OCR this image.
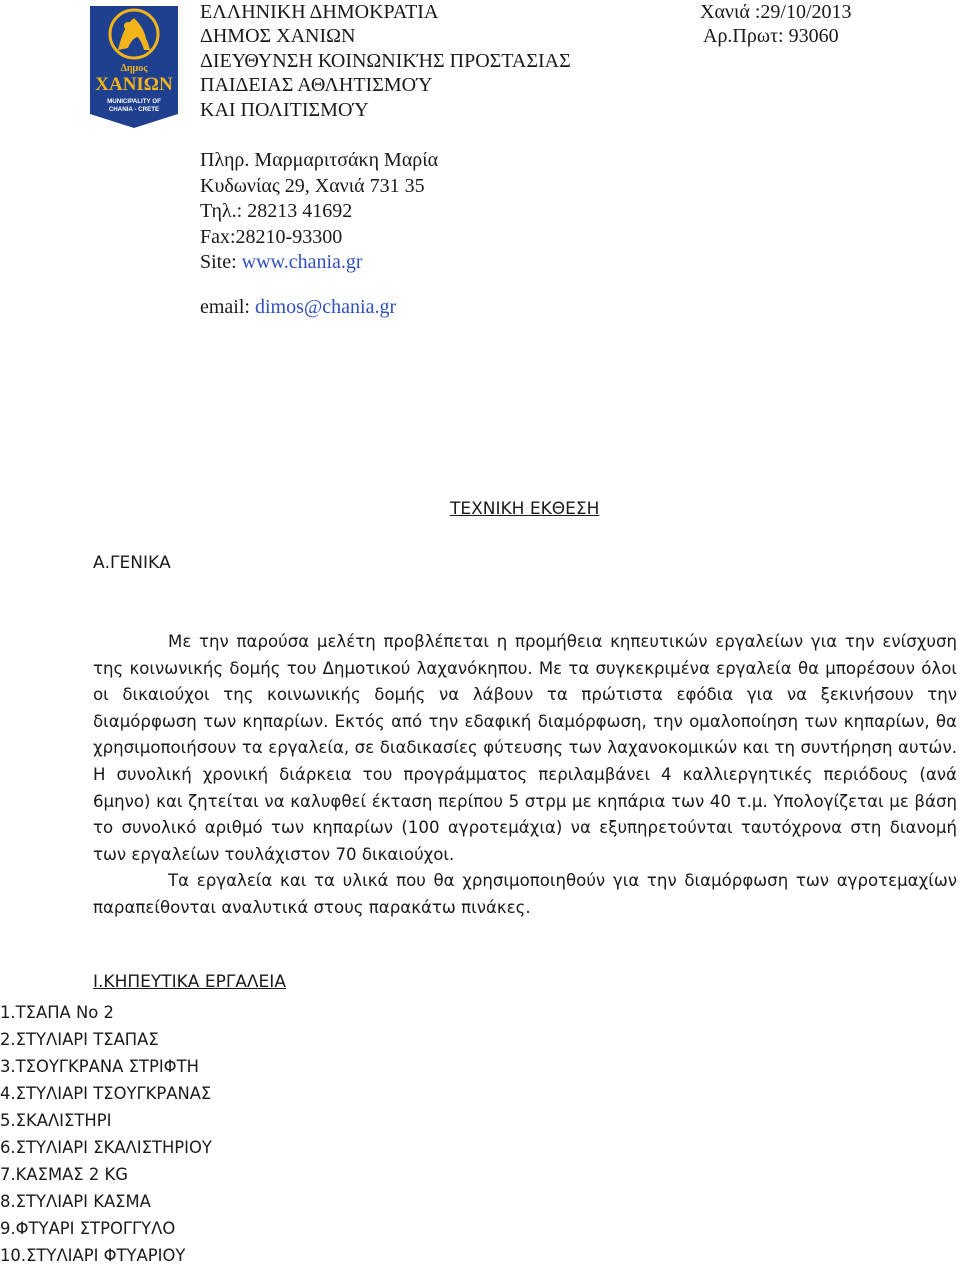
Δημος
ΧΑΝΙΩΝ
MUNICIPALITY OF
CHANIA - CRETE
ΕΛΛΗΝΙΚΗ ΔΗΜΟΚΡΑΤΙΑ
ΔΗΜΟΣ ΧΑΝΙΩΝ
ΔΙΕΥΘΥΝΣΗ ΚΟΙΝΩΝΙΚΉΣ ΠΡΟΣΤΑΣΙΑΣ
ΠΑΙΔΕΙΑΣ ΑΘΛΗΤΙΣΜΟΎ
ΚΑΙ ΠΟΛΙΤΙΣΜΟΎ
Χανιά :29/10/2013
Αρ.Πρωτ: 93060
Πληρ. Μαρμαριτσάκη Μαρία
Κυδωνίας 29, Χανιά 731 35
Τηλ.: 28213 41692
Fax:28210-93300
Site: www.chania.gr
email: dimos@chania.gr
ΤΕΧΝΙΚΗ ΕΚΘΕΣΗ
Α.ΓΕΝΙΚΑ

Με την παρούσα μελέτη προβλέπεται η προμήθεια κηπευτικών εργαλείων για την ενίσχυση της κοινωνικής δομής του Δημοτικού λαχανόκηπου. Με τα συγκεκριμένα εργαλεία θα μπορέσουν όλοι οι δικαιούχοι της κοινωνικής δομής να λάβουν τα πρώτιστα εφόδια για να ξεκινήσουν την διαμόρφωση των κηπαρίων. Εκτός από την εδαφική διαμόρφωση, την ομαλοποίηση των κηπαρίων, θα χρησιμοποιήσουν τα εργαλεία, σε διαδικασίες φύτευσης των λαχανοκομικών και τη συντήρηση αυτών. Η συνολική χρονική διάρκεια του προγράμματος περιλαμβάνει 4 καλλιεργητικές περιόδους (ανά 6μηνο) και ζητείται να καλυφθεί έκταση περίπου 5 στρμ με κηπάρια των 40 τ.μ. Υπολογίζεται με βάση το συνολικό αριθμό των κηπαρίων (100 αγροτεμάχια) να εξυπηρετούνται ταυτόχρονα στη διανομή των εργαλείων τουλάχιστον 70 δικαιούχοι.

Τα εργαλεία και τα υλικά που θα χρησιμοποιηθούν για την διαμόρφωση των αγροτεμαχίων παραπείθονται αναλυτικά στους παρακάτω πινάκες.

Ι.ΚΗΠΕΥΤΙΚΑ ΕΡΓΑΛΕΙΑ
1.ΤΣΑΠΑ No 2
2.ΣΤΥΛΙΑΡΙ ΤΣΑΠΑΣ
3.ΤΣΟΥΓΚΡΑΝΑ ΣΤΡΙΦΤΗ
4.ΣΤΥΛΙΑΡΙ ΤΣΟΥΓΚΡΑΝΑΣ
5.ΣΚΑΛΙΣΤΗΡΙ
6.ΣΤΥΛΙΑΡΙ ΣΚΑΛΙΣΤΗΡΙΟΥ
7.ΚΑΣΜΑΣ 2 KG
8.ΣΤΥΛΙΑΡΙ ΚΑΣΜΑ
9.ΦΤΥΑΡΙ ΣΤΡΟΓΓΥΛΟ
10.ΣΤΥΛΙΑΡΙ ΦΤΥΑΡΙΟΥ
